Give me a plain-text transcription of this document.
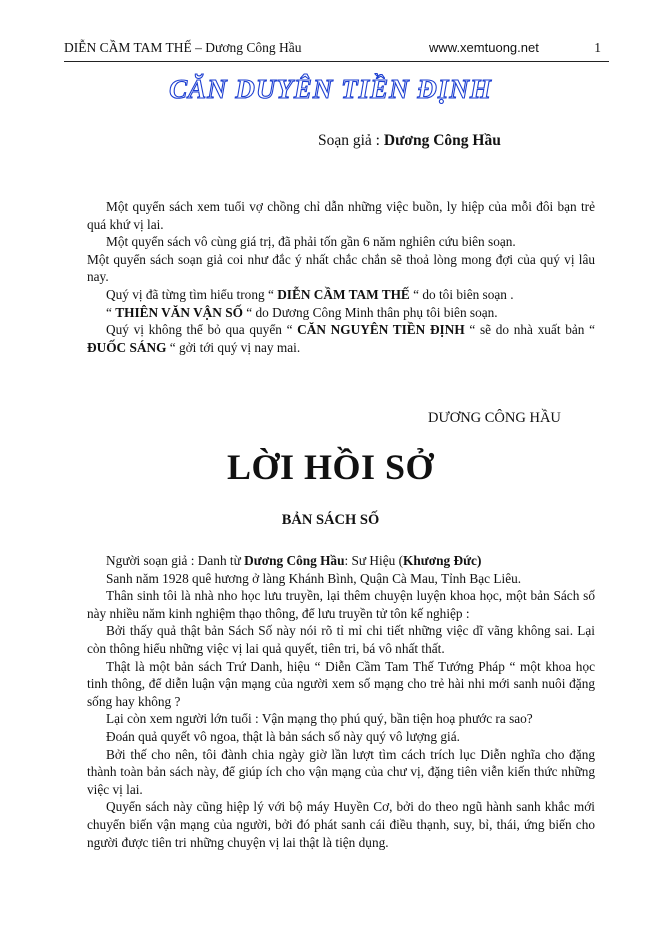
DIỄN CẦM TAM THẾ – Dương Công Hầu	www.xemtuong.net	1
CĂN DUYÊN TIỀN ĐỊNH
Soạn giả : Dương Công Hầu

Một quyển sách xem tuổi vợ chồng chỉ dẫn những việc buồn, ly hiệp của mỗi đôi bạn trẻ quá khứ vị lai.

Một quyển sách vô cùng giá trị, đã phải tốn gần 6 năm nghiên cứu biên soạn.

Một quyển sách soạn giả coi như đắc ý nhất chắc chắn sẽ thoả lòng mong đợi của quý vị lâu nay.

Quý vị đã từng tìm hiểu trong “ DIỄN CẦM TAM THẾ “ do tôi biên soạn .

“ THIÊN VĂN VẬN SỐ “ do Dương Công Minh thân phụ tôi biên soạn.

Quý vị không thể bỏ qua quyển “ CĂN NGUYÊN TIỀN ĐỊNH “ sẽ do nhà xuất bản “ ĐUỐC SÁNG “ gởi tới quý vị nay mai.

DƯƠNG CÔNG HẦU
LỜI HỒI SỞ
BẢN SÁCH SỐ

Người soạn giả : Danh từ Dương Công Hầu: Sư Hiệu (Khương Đức)

Sanh năm 1928 quê hương ở làng Khánh Bình, Quận Cà Mau, Tỉnh Bạc Liêu.

Thân sinh tôi là nhà nho học lưu truyền, lại thêm chuyện luyện khoa học, một bản Sách số này nhiều năm kinh nghiệm thạo thông, để lưu truyền tử tôn kế nghiệp :

Bởi thấy quả thật bản Sách Số này nói rõ tỉ mỉ chi tiết những việc dĩ vãng không sai. Lại còn thông hiểu những việc vị lai quả quyết, tiên tri, bá vô nhất thất.

Thật là một bản sách Trứ Danh, hiệu “ Diễn Cầm Tam Thế Tướng Pháp “ một khoa học tinh thông, để diễn luận vận mạng của người xem số mạng cho trẻ hài nhi mới sanh nuôi đặng sống hay không ?

Lại còn xem người lớn tuổi : Vận mạng thọ phú quý, bần tiện hoạ phước ra sao?

Đoán quả quyết vô ngoa, thật là bản sách số này quý vô lượng giá.

Bởi thế cho nên, tôi đành chia ngày giờ lần lượt tìm cách trích lục Diễn nghĩa cho đặng thành toàn bản sách này, để giúp ích cho vận mạng của chư vị, đặng tiên viễn kiến thức những việc vị lai.

Quyển sách này cũng hiệp lý với bộ máy Huyền Cơ, bởi do theo ngũ hành sanh khắc mới chuyển biến vận mạng của người, bởi đó phát sanh cái điều thạnh, suy, bỉ, thái, ứng biến cho người được tiên tri những chuyện vị lai thật là tiện dụng.
